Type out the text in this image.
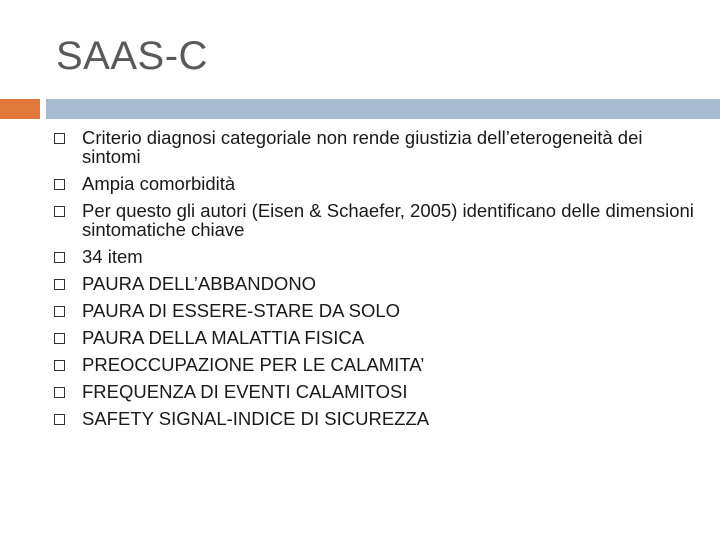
SAAS-C
Criterio diagnosi categoriale non rende giustizia dell’eterogeneità dei sintomi
Ampia comorbidità
Per questo gli autori (Eisen & Schaefer, 2005) identificano delle dimensioni sintomatiche chiave
34 item
PAURA DELL’ABBANDONO
PAURA DI ESSERE-STARE DA SOLO
PAURA DELLA MALATTIA FISICA
PREOCCUPAZIONE PER LE CALAMITA’
FREQUENZA DI EVENTI CALAMITOSI
SAFETY SIGNAL-INDICE DI SICUREZZA
